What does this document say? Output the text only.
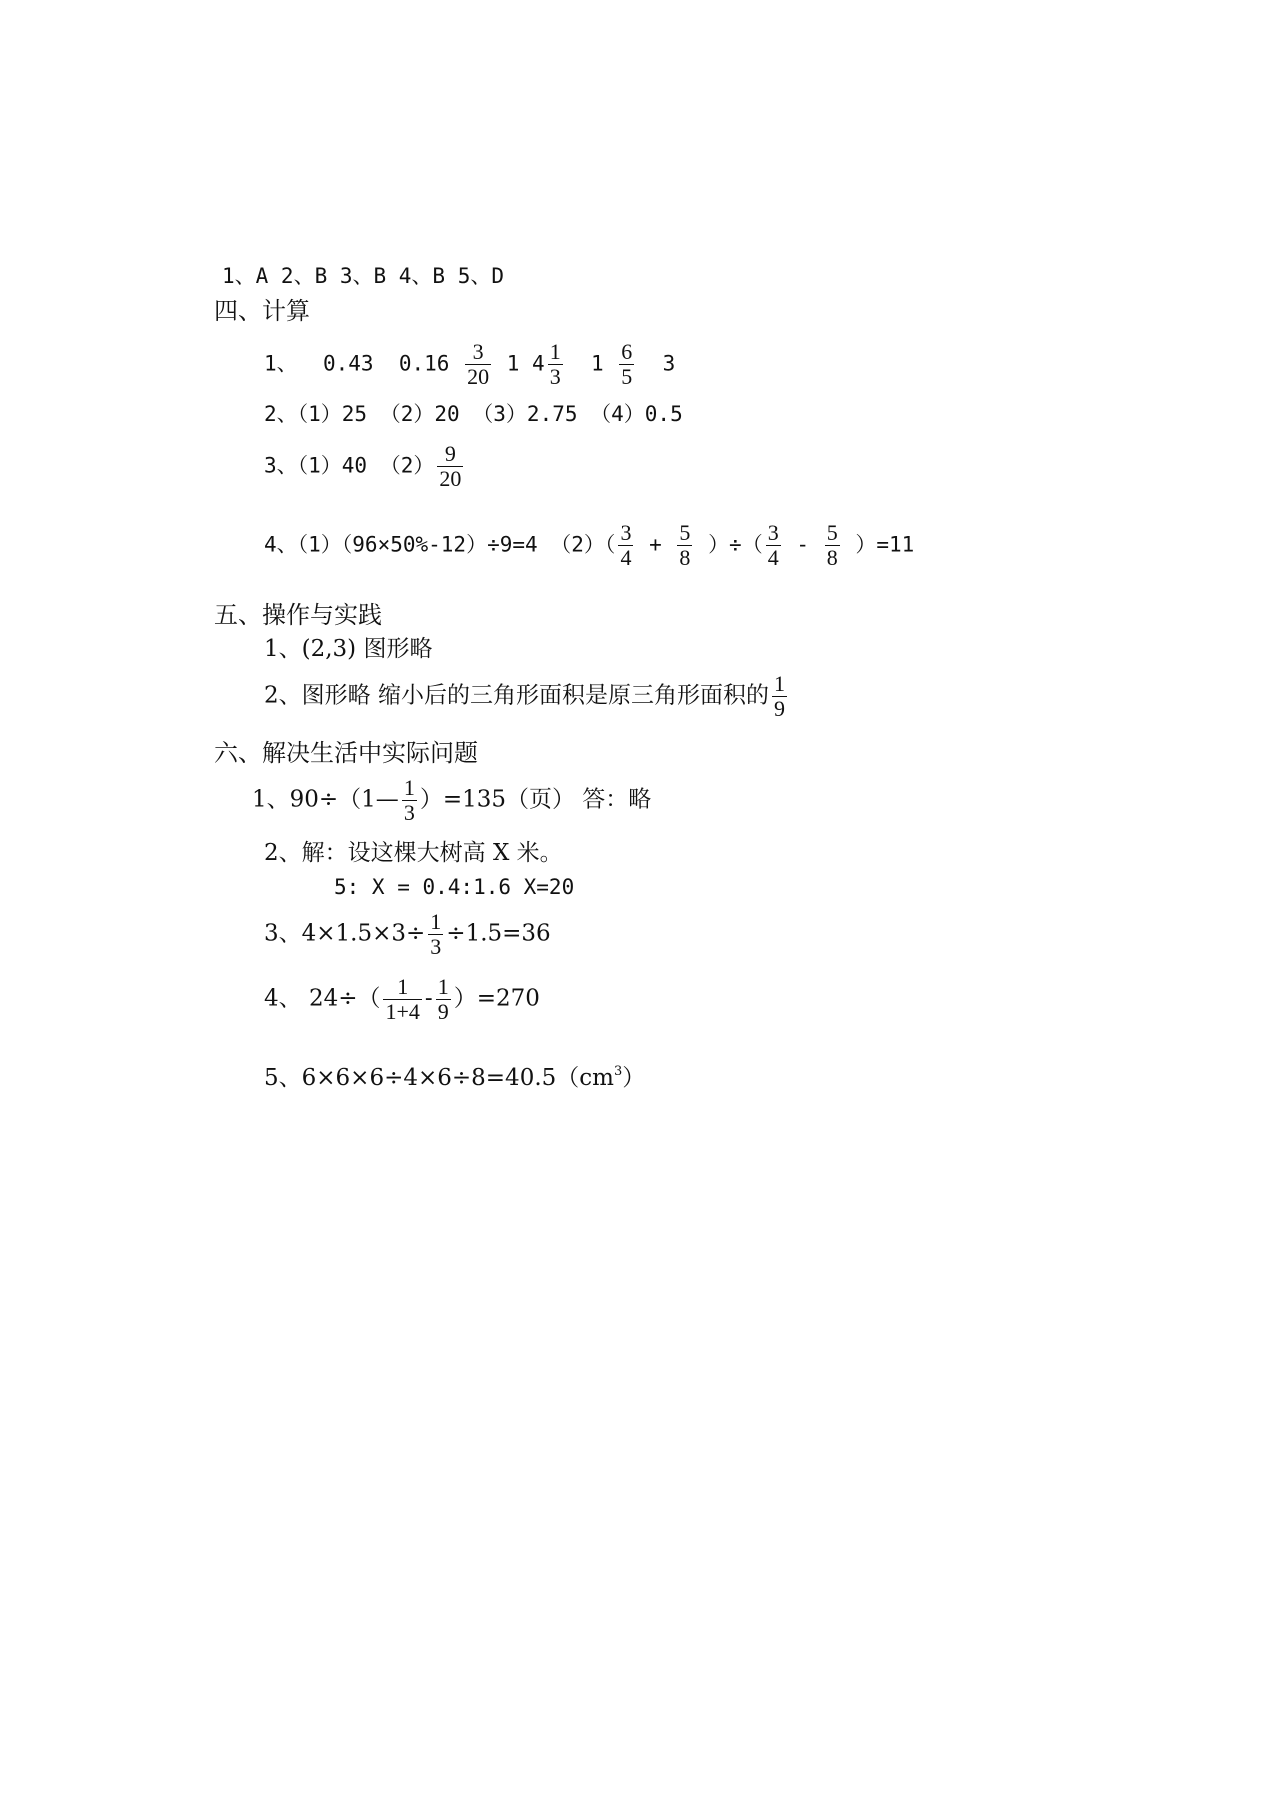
1、A 2、B 3、B 4、B 5、D
四、计算
1、 0.43 $0.16 \frac{3}{20} 1$ $4 \frac{1}{3} 1 \frac{6}{5} 3$
2、（1）25 （2）20 （3）2.75 （4）0.5
3、（1）40 $(2) \frac{9}{20}$
4、（1）（96×50%-12）÷9=4 $(2)( \frac{3}{4} + \frac{5}{8}$ ）÷（ $\frac{3}{4} - \frac{5}{8} )=11$
五、操作与实践
1、(2,3) 图形略
2、图形略 缩小后的三角形面积是原三角形面积的 $\frac{1}{9}$
六、解决生活中实际问题
1、90÷（1— $\frac{1}{3} )=135$（页） 答：略
2、解：设这棵大树高 X 米。
5: X = 0.4:1.6 X=20
3、$4\times 1.5\times 3\div \frac{1}{3} \div 1.5=36$
4、 $24\div( \frac{1}{1+4} - \frac{1}{9} )=270$
5、$6\times 6\times 6\div 4\times 6\div 8=40.5(cm^3)$
